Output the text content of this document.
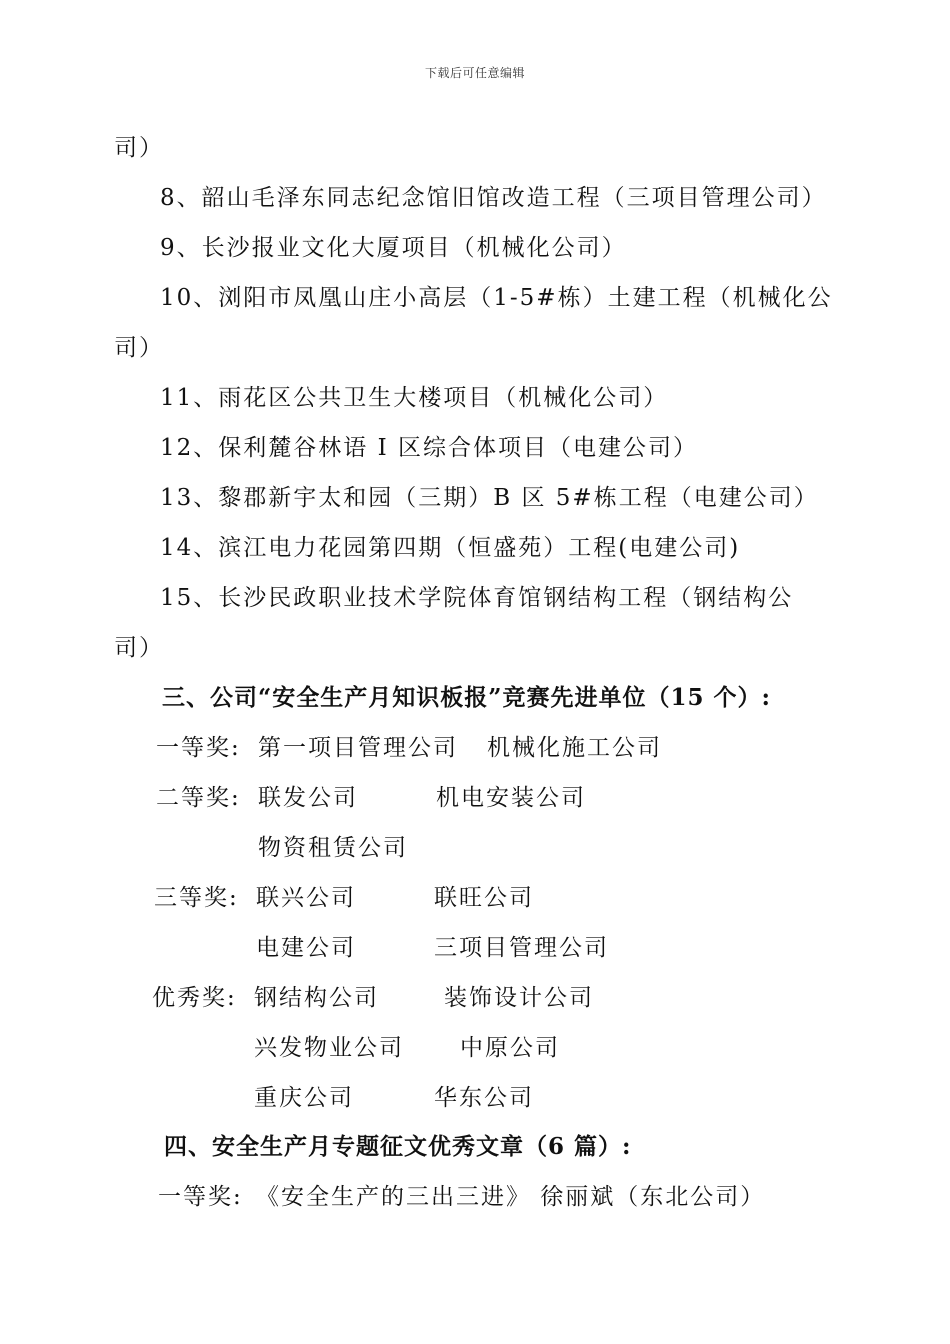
下载后可任意编辑
司）
8、韶山毛泽东同志纪念馆旧馆改造工程（三项目管理公司）
9、长沙报业文化大厦项目（机械化公司）
10、浏阳市凤凰山庄小高层（1-5#栋）土建工程（机械化公
司）
11、雨花区公共卫生大楼项目（机械化公司）
12、保利麓谷林语 I 区综合体项目（电建公司）
13、黎郡新宇太和园（三期）B 区 5#栋工程（电建公司）
14、滨江电力花园第四期（恒盛苑）工程(电建公司)
15、长沙民政职业技术学院体育馆钢结构工程（钢结构公
司）
三、公司“安全生产月知识板报”竞赛先进单位（15 个）:
一等奖: 第一项目管理公司 机械化施工公司
二等奖: 联发公司	机电安装公司
物资租赁公司
三等奖: 联兴公司	联旺公司
电建公司	三项目管理公司
优秀奖: 钢结构公司	装饰设计公司
兴发物业公司 中原公司
重庆公司	华东公司
四、安全生产月专题征文优秀文章（6 篇）:
一等奖: 《安全生产的三出三进》 徐丽斌（东北公司）
